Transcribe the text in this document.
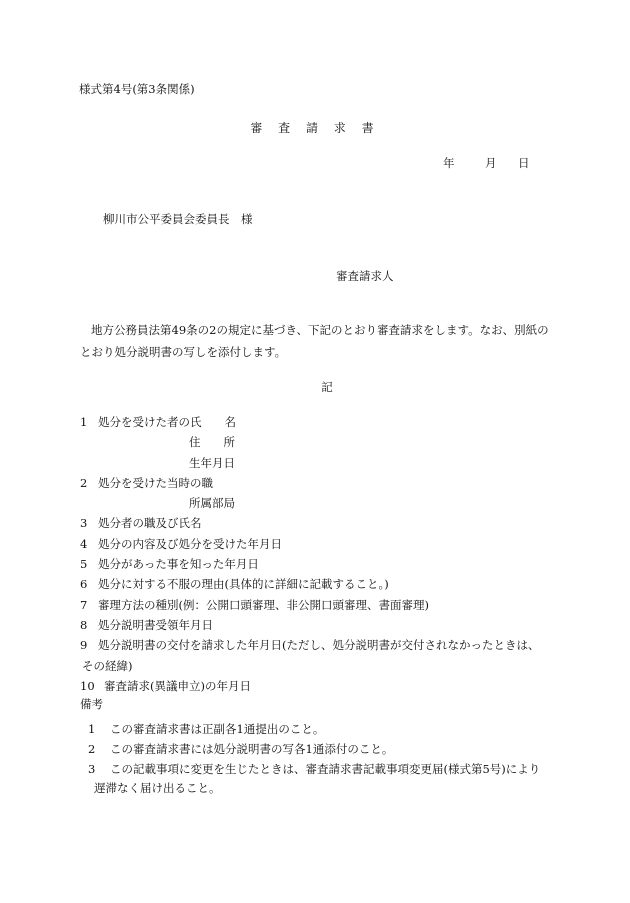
様式第4号(第3条関係)
審 査 請 求 書
年	月 日
柳川市公平委員会委員長　様
審査請求人
地方公務員法第49条の2の規定に基づき、下記のとおり審査請求をします。なお、別紙のとおり処分説明書の写しを添付します。
記
1 処分を受けた者の氏　　名
住　　所
生年月日
2 処分を受けた当時の職
所属部局
3 処分者の職及び氏名
4 処分の内容及び処分を受けた年月日
5 処分があった事を知った年月日
6 処分に対する不服の理由(具体的に詳細に記載すること。)
7 審理方法の種別(例：公開口頭審理、非公開口頭審理、書面審理)
8 処分説明書受領年月日
9 処分説明書の交付を請求した年月日(ただし、処分説明書が交付されなかったときは、
その経緯)
10 審査請求(異議申立)の年月日
備考
1 この審査請求書は正副各1通提出のこと。
2 この審査請求書には処分説明書の写各1通添付のこと。
3 この記載事項に変更を生じたときは、審査請求書記載事項変更届(様式第5号)により
遅滞なく届け出ること。
